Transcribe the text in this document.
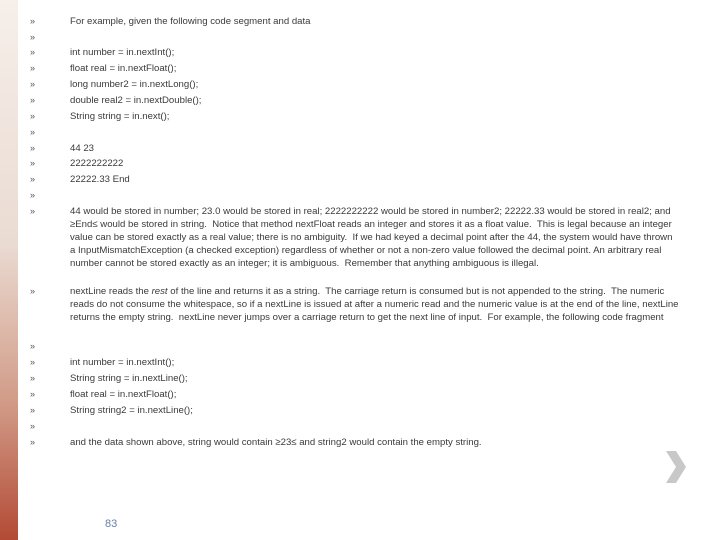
»	For example, given the following code segment and data
»
»	int number = in.nextInt();
»	float real = in.nextFloat();
»	long number2 = in.nextLong();
»	double real2 = in.nextDouble();
»	String string = in.next();
»
»	44 23
»	2222222222
»	22222.33 End
»
»	44 would be stored in number; 23.0 would be stored in real; 2222222222 would be stored in number2; 22222.33 would be stored in real2; and ≥End≤ would be stored in string.  Notice that method nextFloat reads an integer and stores it as a float value.  This is legal because an integer value can be stored exactly as a real value; there is no ambiguity.  If we had keyed a decimal point after the 44, the system would have thrown a InputMismatchException (a checked exception) regardless of whether or not a non-zero value followed the decimal point. An arbitrary real number cannot be stored exactly as an integer; it is ambiguous.  Remember that anything ambiguous is illegal.
»	nextLine reads the rest of the line and returns it as a string.  The carriage return is consumed but is not appended to the string.  The numeric reads do not consume the whitespace, so if a nextLine is issued at after a numeric read and the numeric value is at the end of the line, nextLine returns the empty string.  nextLine never jumps over a carriage return to get the next line of input.  For example, the following code fragment
»
»	int number = in.nextInt();
»	String string = in.nextLine();
»	float real = in.nextFloat();
»	String string2 = in.nextLine();
»
»	and the data shown above, string would contain ≥23≤ and string2 would contain the empty string.
83
